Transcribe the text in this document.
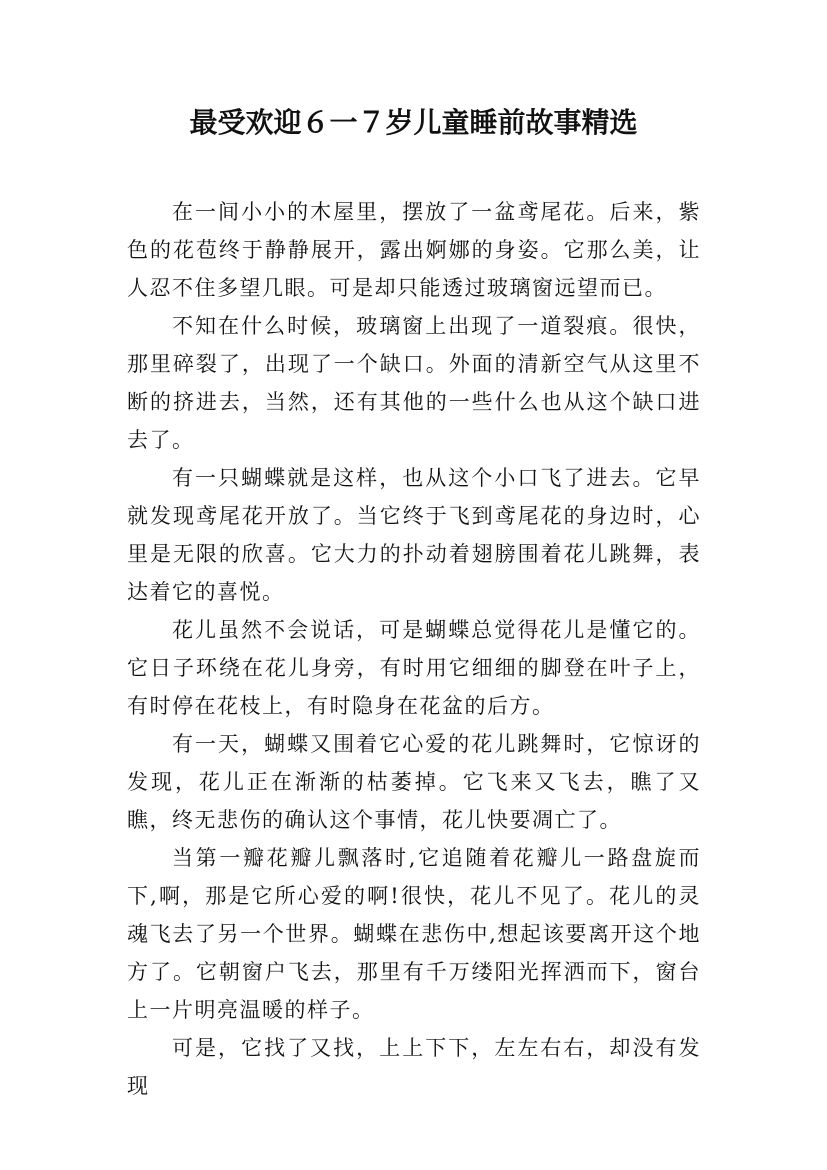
最受欢迎６一７岁儿童睡前故事精选

在一间小小的木屋里，摆放了一盆鸢尾花。后来，紫色的花苞终于静静展开，露出婀娜的身姿。它那么美，让人忍不住多望几眼。可是却只能透过玻璃窗远望而已。

不知在什么时候，玻璃窗上出现了一道裂痕。很快，那里碎裂了，出现了一个缺口。外面的清新空气从这里不断的挤进去，当然，还有其他的一些什么也从这个缺口进去了。

有一只蝴蝶就是这样，也从这个小口飞了进去。它早就发现鸢尾花开放了。当它终于飞到鸢尾花的身边时，心里是无限的欣喜。它大力的扑动着翅膀围着花儿跳舞，表达着它的喜悦。

花儿虽然不会说话，可是蝴蝶总觉得花儿是懂它的。它日子环绕在花儿身旁，有时用它细细的脚登在叶子上，有时停在花枝上，有时隐身在花盆的后方。

有一天，蝴蝶又围着它心爱的花儿跳舞时，它惊讶的发现，花儿正在渐渐的枯萎掉。它飞来又飞去，瞧了又瞧，终无悲伤的确认这个事情，花儿快要凋亡了。

当第一瓣花瓣儿飘落时,它追随着花瓣儿一路盘旋而下,啊，那是它所心爱的啊!很快，花儿不见了。花儿的灵魂飞去了另一个世界。蝴蝶在悲伤中,想起该要离开这个地方了。它朝窗户飞去，那里有千万缕阳光挥洒而下，窗台上一片明亮温暖的样子。

可是，它找了又找，上上下下，左左右右，却没有发现
